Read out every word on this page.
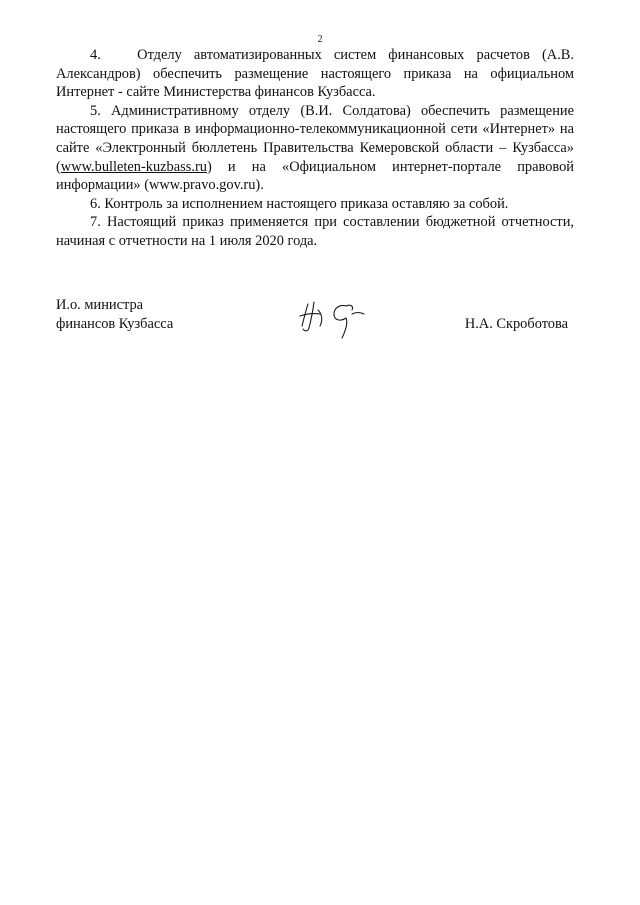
2

4.   Отделу автоматизированных систем финансовых расчетов (А.В. Александров) обеспечить размещение настоящего приказа на официальном Интернет - сайте Министерства финансов Кузбасса.

5. Административному отделу (В.И. Солдатова) обеспечить размещение настоящего приказа в информационно-телекоммуникационной сети «Интернет» на сайте «Электронный бюллетень Правительства Кемеровской области – Кузбасса» (www.bulleten-kuzbass.ru) и на «Официальном интернет-портале правовой информации» (www.pravo.gov.ru).

6. Контроль за исполнением настоящего приказа оставляю за собой.

7. Настоящий приказ применяется при составлении бюджетной отчетности, начиная с отчетности на 1 июля 2020 года.

И.о. министра
финансов Кузбасса	Н.А. Скроботова
